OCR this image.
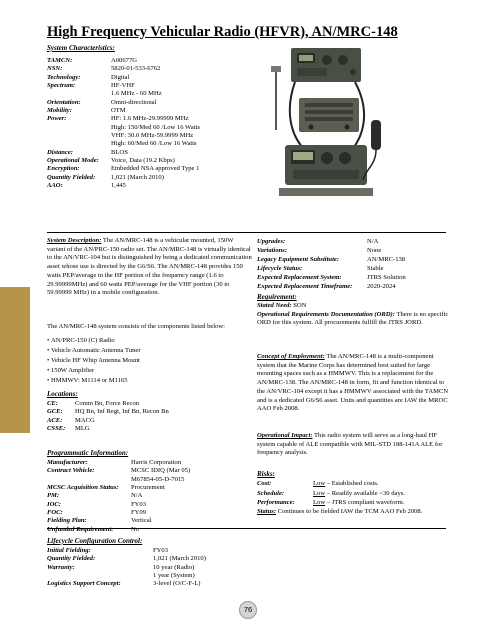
High Frequency Vehicular Radio (HFVR), AN/MRC-148
System Characteristics:
TAMCN:	A00677G
NSN:	5820-01-533-6762
Technology:	Digital
Spectrum:	HF-VHF
1.6 MHz - 60 MHz
Orientation:	Omni-directional
Mobility:	OTM
Power:	HF: 1.6 MHz-29.99999 MHz
High: 150/Med 60 /Low 16 Watts
VHF: 30.0 MHz-59.9999 MHz
High: 60/Med 60 /Low 16 Watts
Distance:	BLOS
Operational Mode:	Voice, Data (19.2 Kbps)
Encryption:	Embedded NSA approved Type 1
Quantity Fielded:	1,021 (March 2010)
AAO:	1,445
System Description: The AN/MRC-148 is a vehicular mounted, 150W variant of the AN/PRC-150 radio set. The AN/MRC-148 is virtually identical to the AN/VRC-104 but is distinguished by being a dedicated communication asset whose use is directed by the G6/S6. The AN/MRC-148 provides 150 watts PEP/average in the HF portion of the frequency range (1.6 to 29.99999MHz) and 60 watts PEP/average for the VHF portion (30 to 59.99999 MHz) in a mobile configuration.
The AN/MRC-148 system consists of the components listed below:
• AN/PRC-150 (C) Radio
• Vehicle Automatic Antenna Tuner
• Vehicle HF Whip Antenna Mount
• 150W Amplifier
• HMMWV: M1114 or M1165
Locations:
CE:	Comm Bn, Force Recon
GCE:	HQ Bn, Inf Regt, Inf Bn, Recon Bn
ACE:	MACG
CSSE:	MLG
Programmatic Information:
Manufacturer:	Harris Corporation
Contract Vehicle:	MCSC IDIQ (Mar 05)
M67854-05-D-7015
MCSC Acquisition Status:	Procurement
PM:	N/A
IOC:	FY03
FOC:	FY09
Fielding Plan:	Vertical
Unfunded Requirement:	No
Lifecycle Configuration Control:
Initial Fielding:	FY03
Quantity Fielded:	1,021 (March 2010)
Warranty:	10 year (Radio)
1 year (System)
Logistics Support Concept:	3-level (O/C-F-L)
Upgrades:	N/A
Variations:	None
Legacy Equipment Substitute:	AN/MRC-138
Lifecycle Status:	Stable
Expected Replacement System:	JTRS Solution
Expected Replacement Timeframe:	2020-2024
Requirement:
Stated Need: SON
Operational Requirements Documentation (ORD): There is no specific ORD for this system. All procurements fulfill the JTRS JORD.
Concept of Employment: The AN/MRC-148 is a multi-component system that the Marine Corps has determined best suited for large mounting spaces such as a HMMWV. This is a replacement for the AN/MRC-138. The AN/MRC-148 in form, fit and function identical to the AN/VRC-104 except it has a HMMWV associated with the TAMCN and is a dedicated G6/S6 asset. Units and quantities are IAW the MROC AAO Feb 2008.
Operational Impact: This radio system will serve as a long-haul HF system capable of ALE compatible with MIL-STD 188-141A ALE for frequency analysis.
Risks:
Cost:	Low – Established costs.
Schedule:	Low – Readily available <30 days.
Performance:	Low – JTRS compliant waveform.
Status: Continues to be fielded IAW the TCM AAO Feb 2008.
76
